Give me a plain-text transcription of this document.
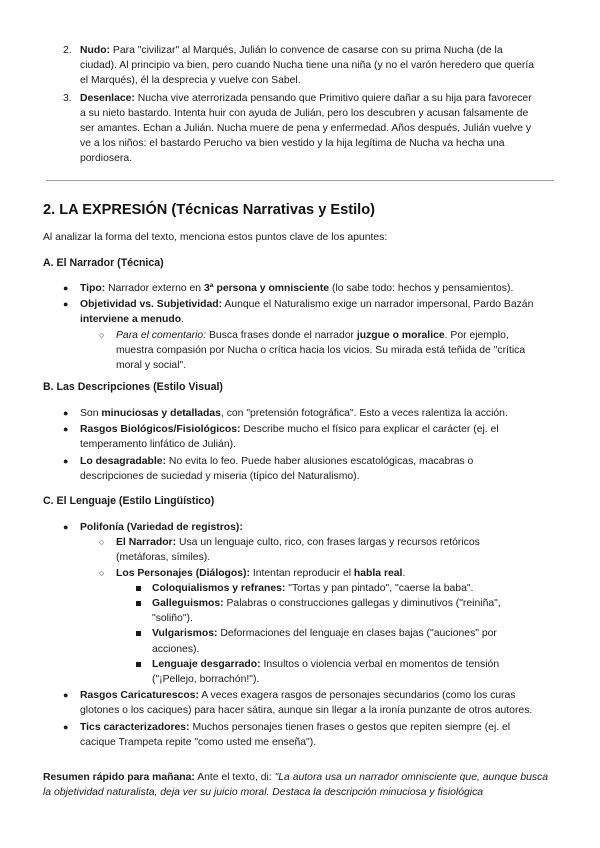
2. Nudo: Para "civilizar" al Marqués, Julián lo convence de casarse con su prima Nucha (de la ciudad). Al principio va bien, pero cuando Nucha tiene una niña (y no el varón heredero que quería el Marqués), él la desprecia y vuelve con Sabel.
3. Desenlace: Nucha vive aterrorizada pensando que Primitivo quiere dañar a su hija para favorecer a su nieto bastardo. Intenta huir con ayuda de Julián, pero los descubren y acusan falsamente de ser amantes. Echan a Julián. Nucha muere de pena y enfermedad. Años después, Julián vuelve y ve a los niños: el bastardo Perucho va bien vestido y la hija legítima de Nucha va hecha una pordiosera.
2. LA EXPRESIÓN (Técnicas Narrativas y Estilo)

Al analizar la forma del texto, menciona estos puntos clave de los apuntes:

A. El Narrador (Técnica)
● Tipo: Narrador externo en 3ª persona y omnisciente (lo sabe todo: hechos y pensamientos).
● Objetividad vs. Subjetividad: Aunque el Naturalismo exige un narrador impersonal, Pardo Bazán interviene a menudo.
○ Para el comentario: Busca frases donde el narrador juzgue o moralice. Por ejemplo, muestra compasión por Nucha o crítica hacia los vicios. Su mirada está teñida de "crítica moral y social".
B. Las Descripciones (Estilo Visual)
● Son minuciosas y detalladas, con "pretensión fotográfica". Esto a veces ralentiza la acción.
● Rasgos Biológicos/Fisiológicos: Describe mucho el físico para explicar el carácter (ej. el temperamento linfático de Julián).
● Lo desagradable: No evita lo feo. Puede haber alusiones escatológicas, macabras o descripciones de suciedad y miseria (típico del Naturalismo).
C. El Lenguaje (Estilo Lingüístico)
● Polifonía (Variedad de registros):
○ El Narrador: Usa un lenguaje culto, rico, con frases largas y recursos retóricos (metáforas, símiles).
○ Los Personajes (Diálogos): Intentan reproducir el habla real.
Coloquialismos y refranes: "Tortas y pan pintado", "caerse la baba".
Galleguismos: Palabras o construcciones gallegas y diminutivos ("reiniña", "soliño").
Vulgarismos: Deformaciones del lenguaje en clases bajas ("auciones" por acciones).
Lenguaje desgarrado: Insultos o violencia verbal en momentos de tensión ("¡Pellejo, borrachón!").
● Rasgos Caricaturescos: A veces exagera rasgos de personajes secundarios (como los curas glotones o los caciques) para hacer sátira, aunque sin llegar a la ironía punzante de otros autores.
● Tics caracterizadores: Muchos personajes tienen frases o gestos que repiten siempre (ej. el cacique Trampeta repite "como usted me enseña").

Resumen rápido para mañana: Ante el texto, di: "La autora usa un narrador omnisciente que, aunque busca la objetividad naturalista, deja ver su juicio moral. Destaca la descripción minuciosa y fisiológica
